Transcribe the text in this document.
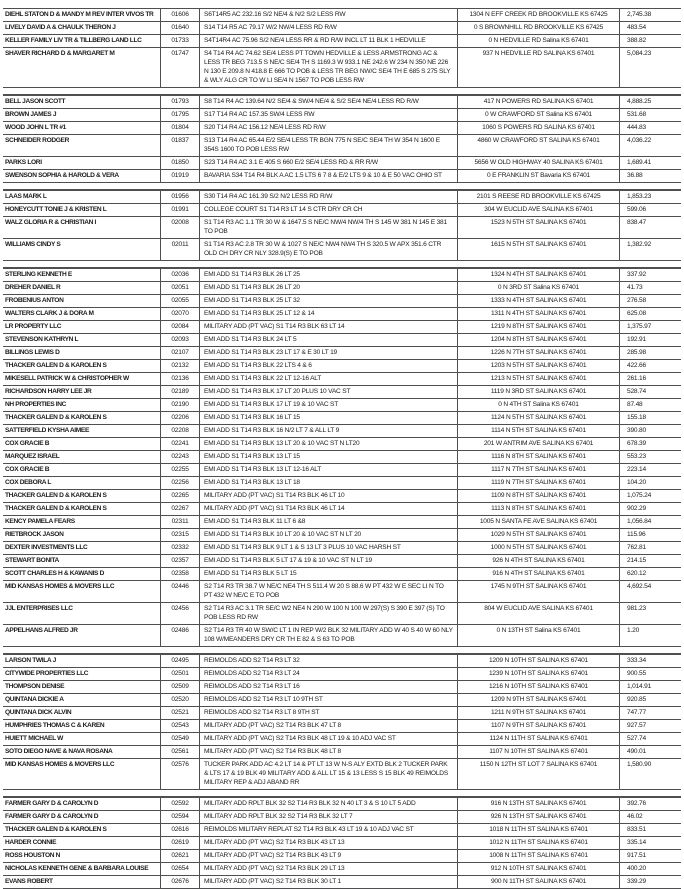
DIEHL STATON D & MANDY M REV INTER VIVOS TR	01606	S6T14R5 AC 232.16 S/2 NE/4 & N/2 S/2 LESS RW	1304 N EFF CREEK RD BROOKVILLE KS 67425	2,745.38
LIVELY DAVID A & CHAULK THERON J	01640	S14 T14 R5 AC 79.17 W/2 NW/4 LESS RD R/W	0 S BROWNHILL RD BROOKVILLE KS 67425	483.54
KELLER FAMILY LIV TR & TILLBERG LAND LLC	01733	S4T14R4 AC 75.96 S/2 NE/4 LESS RR & RD R/W INCL LT 11 BLK 1 HEDVILLE	0 N HEDVILLE RD Salina KS 67401	388.82
SHAVER RICHARD D & MARGARET M	01747	S4 T14 R4 AC 74.62 SE/4 LESS PT TOWN HEDVILLE & LESS ARMSTRONG AC & LESS TR BEG 713.5 S NE/C SE/4 TH S 1169.3 W 933.1 NE 242.6 W 234 N 350 NE 226 N 130 E 209.8 N 418.8 E 666 TO POB & LESS TR BEG NW/C SE/4 TH E 685 S 275 SLY & WLY ALG CR TO W LI SE/4 N 1567 TO POB LESS RW
937 N HEDVILLE RD SALINA KS 67401	5,084.23
BELL JASON SCOTT	01793	S8 T14 R4 AC 139.64 N/2 SE/4 & SW/4 NE/4 & S/2 SE/4 NE/4 LESS RD R/W	417 N POWERS RD SALINA KS 67401	4,888.25
BROWN JAMES J	01795	S17 T14 R4 AC 157.35 SW/4 LESS RW	0 W CRAWFORD ST Salina KS 67401	531.68
WOOD JOHN L TR #1	01804	S20 T14 R4 AC 156.12 NE/4 LESS RD R/W	1060 S POWERS RD SALINA KS 67401	444.83
SCHNEIDER RODGER	01837	S13 T14 R4 AC 65.44 E/2 SE/4 LESS TR BGN 775 N SE/C SE/4 TH W 354 N 1600 E 354S 1600 TO POB LESS RW
4860 W CRAWFORD ST SALINA KS 67401	4,036.22
PARKS LORI	01850	S23 T14 R4 AC 3.1 E 405 S 660 E/2 SE/4 LESS RD & RR R/W	5656 W OLD HIGHWAY 40 SALINA KS 67401	1,689.41
SWENSON SOPHIA & HAROLD & VERA	01919	BAVARIA S34 T14 R4 BLK A AC 1.5 LTS 6 7 8 & E/2 LTS 9 & 10 & E 50 VAC OHIO ST	0 E FRANKLIN ST Bavaria KS 67401	36.88
LAAS MARK L	01956	S30 T14 R4 AC 161.39 S/2 N/2 LESS RD R/W	2101 S REESE RD BROOKVILLE KS 67425	1,853.23
HONEYCUTT TONIE J & KRISTEN L	01991	COLLEGE COURT S1 T14 R3 LT 14 S CTR DRY CR CH	304 W EUCLID AVE SALINA KS 67401	599.06
WALZ GLORIA R & CHRISTIAN I	02008	S1 T14 R3 AC 1.1 TR 30 W & 1647.5 S NE/C NW/4 NW/4 TH S 145 W 381 N 145 E 381 TO POB
1523 N 5TH ST SALINA KS 67401	838.47
WILLIAMS CINDY S	02011	S1 T14 R3 AC 2.8 TR 30 W & 1027 S NE/C NW4 NW4 TH S 320.5 W APX 351.6 CTR OLD CH DRY CR NLY 328.9(S) E TO POB
1615 N 5TH ST SALINA KS 67401	1,382.92
STERLING KENNETH E	02036	EMI ADD S1 T14 R3 BLK 26 LT 25	1324 N 4TH ST SALINA KS 67401	337.92
DREHER DANIEL R	02051	EMI ADD S1 T14 R3 BLK 26 LT 20	0 N 3RD ST Salina KS 67401	41.73
FROBENIUS ANTON	02055	EMI ADD S1 T14 R3 BLK 25 LT 32	1333 N 4TH ST SALINA KS 67401	276.58
WALTERS CLARK J & DORA M	02070	EMI ADD S1 T14 R3 BLK 25 LT 12 & 14	1311 N 4TH ST SALINA KS 67401	625.08
LR PROPERTY LLC	02084	MILITARY ADD (PT VAC) S1 T14 R3 BLK 63 LT 14	1219 N 8TH ST SALINA KS 67401	1,375.97
STEVENSON KATHRYN L	02093	EMI ADD S1 T14 R3 BLK 24 LT 5	1204 N 8TH ST SALINA KS 67401	192.91
BILLINGS LEWIS D	02107	EMI ADD S1 T14 R3 BLK 23 LT 17 & E 30 LT 19	1226 N 7TH ST SALINA KS 67401	285.98
THACKER GALEN D & KAROLEN S	02132	EMI ADD S1 T14 R3 BLK 22 LTS 4 & 6	1203 N 5TH ST SALINA KS 67401	422.66
MIKESELL PATRICK W & CHRISTOPHER W	02136	EMI ADD S1 T14 R3 BLK 22 LT 12-16 ALT	1213 N 5TH ST SALINA KS 67401	261.16
RICHARDSON HARRY LEE JR	02189	EMI ADD S1 T14 R3 BLK 17 LT 20 PLUS 10 VAC ST	1119 N 3RD ST SALINA KS 67401	528.74
NH PROPERTIES INC	02190	EMI ADD S1 T14 R3 BLK 17 LT 19 & 10 VAC ST	0 N 4TH ST Salina KS 67401	87.48
THACKER GALEN D & KAROLEN S	02206	EMI ADD S1 T14 R3 BLK 16 LT 15	1124 N 5TH ST SALINA KS 67401	155.18
SATTERFIELD KYSHA AIMEE	02208	EMI ADD S1 T14 R3 BLK 16 N/2 LT 7 & ALL LT 9	1114 N 5TH ST SALINA KS 67401	390.80
COX GRACIE B	02241	EMI ADD S1 T14 R3 BLK 13 LT 20 & 10 VAC ST N LT20	201 W ANTRIM AVE SALINA KS 67401	678.39
MARQUEZ ISRAEL	02243	EMI ADD S1 T14 R3 BLK 13 LT 15	1116 N 8TH ST SALINA KS 67401	553.23
COX GRACIE B	02255	EMI ADD S1 T14 R3 BLK 13 LT 12-16 ALT	1117 N 7TH ST SALINA KS 67401	223.14
COX DEBORA L	02256	EMI ADD S1 T14 R3 BLK 13 LT 18	1119 N 7TH ST SALINA KS 67401	104.20
THACKER GALEN D & KAROLEN S	02265	MILITARY ADD (PT VAC) S1 T14 R3 BLK 46 LT 10	1109 N 8TH ST SALINA KS 67401	1,075.24
THACKER GALEN D & KAROLEN S	02267	MILITARY ADD (PT VAC) S1 T14 R3 BLK 46 LT 14	1113 N 8TH ST SALINA KS 67401	902.29
KENCY PAMELA FEARS	02311	EMI ADD S1 T14 R3 BLK 11 LT 6 &8	1005 N SANTA FE AVE SALINA KS 67401	1,056.84
RIETBROCK JASON	02315	EMI ADD S1 T14 R3 BLK 10 LT 20 & 10 VAC ST N LT 20	1029 N 5TH ST SALINA KS 67401	115.96
DEXTER INVESTMENTS LLC	02332	EMI ADD S1 T14 R3 BLK 9 LT 1 & S 13 LT 3 PLUS 10 VAC HARSH ST	1000 N 5TH ST SALINA KS 67401	762.81
STEWART BONITA	02357	EMI ADD S1 T14 R3 BLK 5 LT 17 & 19 & 10 VAC ST N LT 19	926 N 4TH ST SALINA KS 67401	214.15
SCOTT CHARLES H & KAWANIS D	02358	EMI ADD S1 T14 R3 BLK 5 LT 15	916 N 4TH ST SALINA KS 67401	620.12
MID KANSAS HOMES & MOVERS LLC	02446	S2 T14 R3 TR 38.7 W NE/C NE4 TH S 511.4 W 20 S 88.6 W PT 432 W E SEC LI N TO PT 432 W NE/C E TO POB
1745 N 9TH ST SALINA KS 67401	4,692.54
JJL ENTERPRISES LLC	02456	S2 T14 R3 AC 3.1 TR SE/C W2 NE4 N 290 W 100 N 100 W 297(S) S 390 E 397 (S) TO POB LESS RD RW
804 W EUCLID AVE SALINA KS 67401	981.23
APPELHANS ALFRED JR	02486	S2 T14 R3 TR 40 W SW/C LT 1 IN REP W/2 BLK 32 MILITARY ADD W 40 S 40 W 60 NLY 108 W/MEANDERS DRY CR TH E 82 & S 63 TO POB
0 N 13TH ST Salina KS 67401	1.20
LARSON TWILA J	02495	REIMOLDS ADD S2 T14 R3 LT 32	1209 N 10TH ST SALINA KS 67401	333.34
CITYWIDE PROPERTIES LLC	02501	REIMOLDS ADD S2 T14 R3 LT 24	1239 N 10TH ST SALINA KS 67401	900.55
THOMPSON DENISE	02509	REIMOLDS ADD S2 T14 R3 LT 16	1216 N 10TH ST SALINA KS 67401	1,014.91
QUINTANA DICKIE A	02520	REIMOLDS ADD S2 T14 R3 LT 10 9TH ST	1209 N 9TH ST SALINA KS 67401	920.85
QUINTANA DICK ALVIN	02521	REIMOLDS ADD S2 T14 R3 LT 8 9TH ST	1211 N 9TH ST SALINA KS 67401	747.77
HUMPHRIES THOMAS C & KAREN	02543	MILITARY ADD (PT VAC) S2 T14 R3 BLK 47 LT 8	1107 N 9TH ST SALINA KS 67401	927.57
HUIETT MICHAEL W	02549	MILITARY ADD (PT VAC) S2 T14 R3 BLK 48 LT 19 & 10 ADJ VAC ST	1124 N 11TH ST SALINA KS 67401	527.74
SOTO DIEGO NAVE & NAVA ROSANA	02561	MILITARY ADD (PT VAC) S2 T14 R3 BLK 48 LT 8	1107 N 10TH ST SALINA KS 67401	490.01
MID KANSAS HOMES & MOVERS LLC	02576	TUCKER PARK ADD AC 4.2 LT 14 & PT LT 13 W N-S ALY EXTD BLK 2 TUCKER PARK & LTS 17 & 19 BLK 49 MILITARY ADD & ALL LT 15 & 13 LESS S 15 BLK 49 REIMOLDS MILITARY REP & ADJ ABAND RR
1150 N 12TH ST LOT 7 SALINA KS 67401	1,580.90
FARMER GARY D & CAROLYN D	02592	MILITARY ADD RPLT BLK 32 S2 T14 R3 BLK 32 N 40 LT 3 & S 10 LT 5 ADD	916 N 13TH ST SALINA KS 67401	392.76
FARMER GARY D & CAROLYN D	02594	MILITARY ADD RPLT BLK 32 S2 T14 R3 BLK 32 LT 7	926 N 13TH ST SALINA KS 67401	46.02
THACKER GALEN D & KAROLEN S	02616	REIMOLDS MILITARY REPLAT S2 T14 R3 BLK 43 LT 19 & 10 ADJ VAC ST	1018 N 11TH ST SALINA KS 67401	833.51
HARDER CONNIE	02619	MILITARY ADD (PT VAC) S2 T14 R3 BLK 43 LT 13	1012 N 11TH ST SALINA KS 67401	335.14
ROSS HOUSTON N	02621	MILITARY ADD (PT VAC) S2 T14 R3 BLK 43 LT 9	1008 N 11TH ST SALINA KS 67401	917.51
NICHOLAS KENNETH GENE & BARBARA LOUISE	02654	MILITARY ADD (PT VAC) S2 T14 R3 BLK 29 LT 13	912 N 10TH ST SALINA KS 67401	400.20
EVANS ROBERT	02676	MILITARY ADD (PT VAC) S2 T14 R3 BLK 30 LT 1	900 N 11TH ST SALINA KS 67401	339.29
